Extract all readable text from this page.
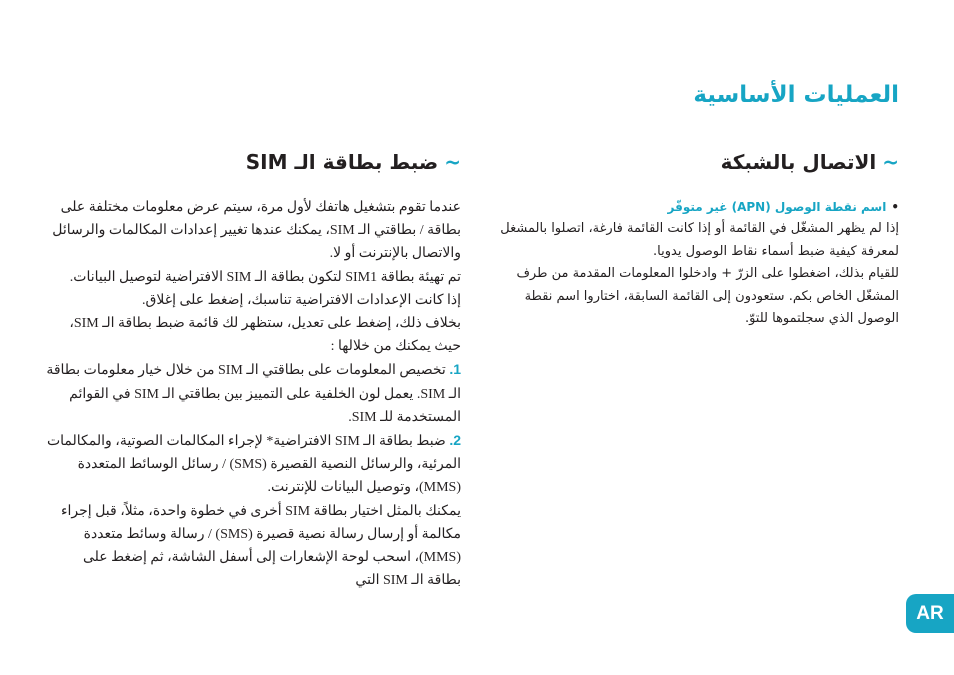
العمليات الأساسية
~الاتصال بالشبكة
•اسم نقطة الوصول (APN) غير متوفّر

إذا لم يظهر المشغّل في القائمة أو إذا كانت القائمة فارغة، اتصلوا بالمشغل لمعرفة كيفية ضبط أسماء نقاط الوصول يدويا.

للقيام بذلك، اضغطوا على الزرّ + وادخلوا المعلومات المقدمة من طرف المشغّل الخاص بكم. ستعودون إلى القائمة السابقة، اختاروا اسم نقطة الوصول الذي سجلتموها للتوّ.

~ضبط بطاقة الـ SIM

عندما تقوم بتشغيل هاتفك لأول مرة، سيتم عرض معلومات مختلفة على بطاقة / بطاقتي الـ SIM، يمكنك عندها تغيير إعدادات المكالمات والرسائل والاتصال بالإنترنت أو لا.

تم تهيئة بطاقة SIM1 لتكون بطاقة الـ SIM الافتراضية لتوصيل البيانات.

إذا كانت الإعدادات الافتراضية تناسبك، إضغط على إغلاق.

بخلاف ذلك، إضغط على تعديل، ستظهر لك قائمة ضبط بطاقة الـ SIM، حيث يمكنك من خلالها :

1. تخصيص المعلومات على بطاقتي الـ SIM من خلال خيار معلومات بطاقة الـ SIM. يعمل لون الخلفية على التمييز بين بطاقتي الـ SIM في القوائم المستخدمة للـ SIM.

2. ضبط بطاقة الـ SIM الافتراضية* لإجراء المكالمات الصوتية، والمكالمات المرئية، والرسائل النصية القصيرة (SMS) / رسائل الوسائط المتعددة (MMS)، وتوصيل البيانات للإنترنت.

يمكنك بالمثل اختيار بطاقة SIM أخرى في خطوة واحدة، مثلاً، قبل إجراء مكالمة أو إرسال رسالة نصية قصيرة (SMS) / رسالة وسائط متعددة (MMS)، اسحب لوحة الإشعارات إلى أسفل الشاشة، ثم إضغط على بطاقة الـ SIM التي

AR
